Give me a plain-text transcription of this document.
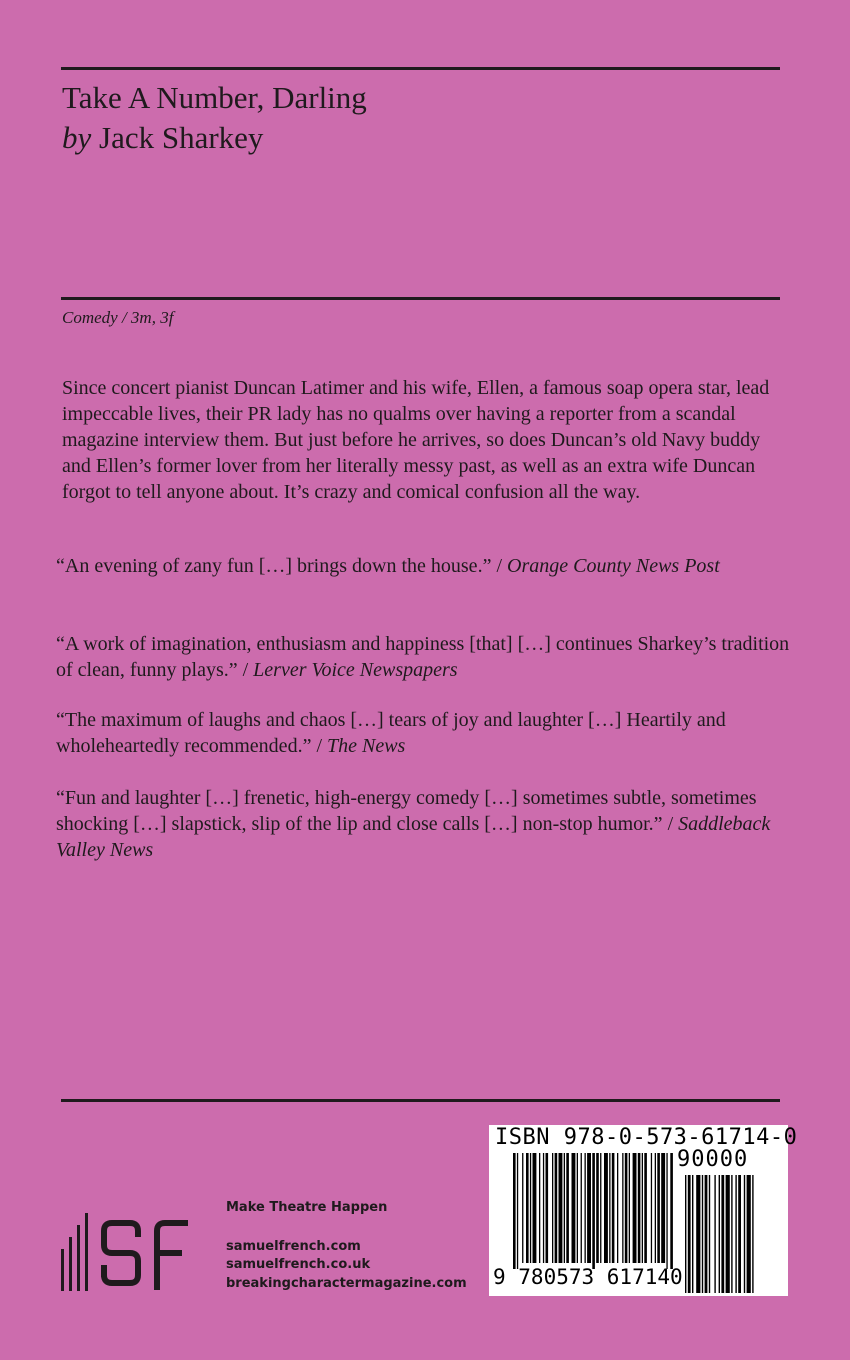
Take A Number, Darling
by Jack Sharkey
Comedy / 3m, 3f
Since concert pianist Duncan Latimer and his wife, Ellen, a famous soap opera star, lead impeccable lives, their PR lady has no qualms over having a reporter from a scandal magazine interview them. But just before he arrives, so does Duncan’s old Navy buddy and Ellen’s former lover from her literally messy past, as well as an extra wife Duncan forgot to tell anyone about. It’s crazy and comical confusion all the way.
“An evening of zany fun […] brings down the house.” / Orange County News Post
“A work of imagination, enthusiasm and happiness [that] […] continues Sharkey’s tradition of clean, funny plays.” / Lerver Voice Newspapers
“The maximum of laughs and chaos […] tears of joy and laughter […] Heartily and wholeheartedly recommended.” / The News
“Fun and laughter […] frenetic, high-energy comedy […] sometimes subtle, sometimes shocking […] slapstick, slip of the lip and close calls […] non-stop humor.” / Saddleback Valley News
Make Theatre Happen
samuelfrench.com
samuelfrench.co.uk
breakingcharactermagazine.com
ISBN 978-0-573-61714-0
90000
9 780573 617140
